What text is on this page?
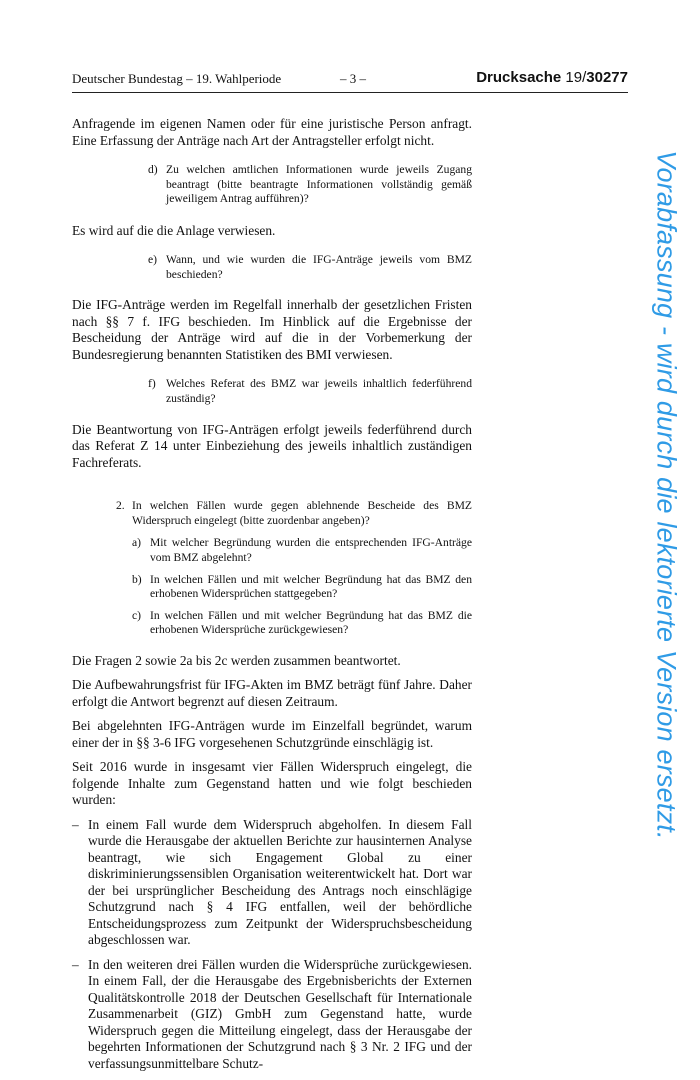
Deutscher Bundestag – 19. Wahlperiode	– 3 –	Drucksache 19/30277

Anfragende im eigenen Namen oder für eine juristische Person anfragt. Eine Erfassung der Anträge nach Art der Antragsteller erfolgt nicht.

d) Zu welchen amtlichen Informationen wurde jeweils Zugang beantragt (bitte beantragte Informationen vollständig gemäß jeweiligem Antrag aufführen)?

Es wird auf die die Anlage verwiesen.

e) Wann, und wie wurden die IFG-Anträge jeweils vom BMZ beschieden?

Die IFG-Anträge werden im Regelfall innerhalb der gesetzlichen Fristen nach §§ 7 f. IFG beschieden. Im Hinblick auf die Ergebnisse der Bescheidung der Anträge wird auf die in der Vorbemerkung der Bundesregierung benannten Statistiken des BMI verwiesen.

f) Welches Referat des BMZ war jeweils inhaltlich federführend zuständig?

Die Beantwortung von IFG-Anträgen erfolgt jeweils federführend durch das Referat Z 14 unter Einbeziehung des jeweils inhaltlich zuständigen Fachreferats.

2. In welchen Fällen wurde gegen ablehnende Bescheide des BMZ Widerspruch eingelegt (bitte zuordenbar angeben)?
a) Mit welcher Begründung wurden die entsprechenden IFG-Anträge vom BMZ abgelehnt?
b) In welchen Fällen und mit welcher Begründung hat das BMZ den erhobenen Widersprüchen stattgegeben?
c) In welchen Fällen und mit welcher Begründung hat das BMZ die erhobenen Widersprüche zurückgewiesen?

Die Fragen 2 sowie 2a bis 2c werden zusammen beantwortet.

Die Aufbewahrungsfrist für IFG-Akten im BMZ beträgt fünf Jahre. Daher erfolgt die Antwort begrenzt auf diesen Zeitraum.

Bei abgelehnten IFG-Anträgen wurde im Einzelfall begründet, warum einer der in §§ 3-6 IFG vorgesehenen Schutzgründe einschlägig ist.

Seit 2016 wurde in insgesamt vier Fällen Widerspruch eingelegt, die folgende Inhalte zum Gegenstand hatten und wie folgt beschieden wurden:

– In einem Fall wurde dem Widerspruch abgeholfen. In diesem Fall wurde die Herausgabe der aktuellen Berichte zur hausinternen Analyse beantragt, wie sich Engagement Global zu einer diskriminierungssensiblen Organisation weiterentwickelt hat. Dort war der bei ursprünglicher Bescheidung des Antrags noch einschlägige Schutzgrund nach § 4 IFG entfallen, weil der behördliche Entscheidungsprozess zum Zeitpunkt der Widerspruchsbescheidung abgeschlossen war.
– In den weiteren drei Fällen wurden die Widersprüche zurückgewiesen. In einem Fall, der die Herausgabe des Ergebnisberichts der Externen Qualitätskontrolle 2018 der Deutschen Gesellschaft für Internationale Zusammenarbeit (GIZ) GmbH zum Gegenstand hatte, wurde Widerspruch gegen die Mitteilung eingelegt, dass der Herausgabe der begehrten Informationen der Schutzgrund nach § 3 Nr. 2 IFG und der verfassungsunmittelbare Schutz-
Vorabfassung - wird durch die lektorierte Version ersetzt.
